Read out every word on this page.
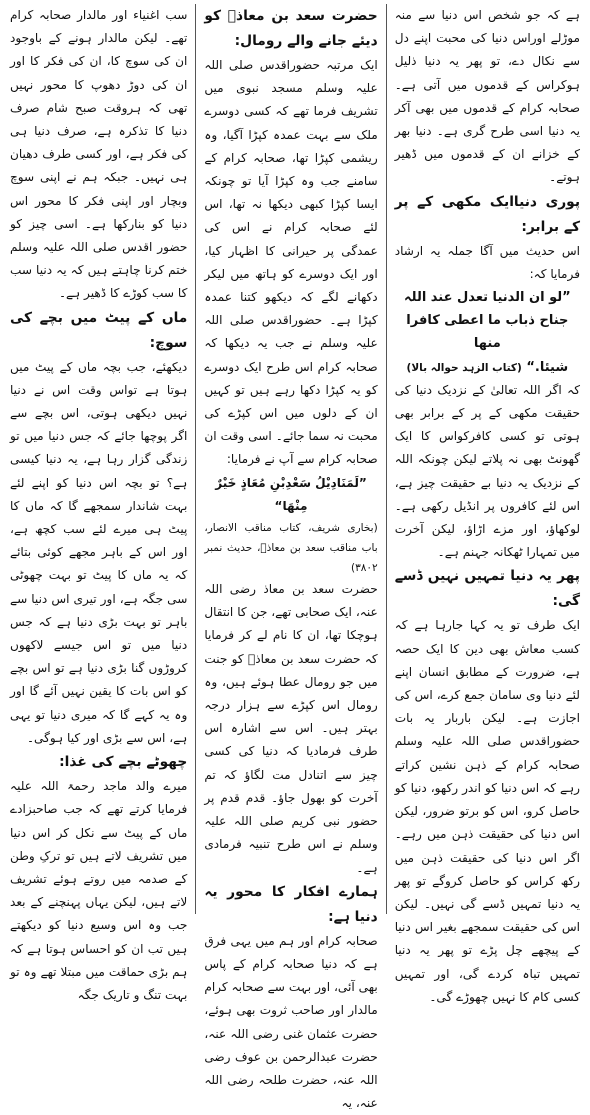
ہے کہ جو شخص اس دنیا سے منہ موڑلے اوراس دنیا کی محبت اپنے دل سے نکال دے، تو پھر یہ دنیا ذلیل ہوکراس کے قدموں میں آتی ہے۔ صحابہ کرام کے قدموں میں بھی آکر یہ دنیا اسی طرح گری ہے۔ دنیا بھر کے خزانے ان کے قدموں میں ڈھیر ہوتے۔

پوری دنیاایک مکھی کے پر کے برابر:

اس حدیث میں آگا جملہ یہ ارشاد فرمایا کہ:

”لو ان الدنیا تعدل عند اللہ

جناح ذباب ما اعطی کافرا منھا

شیئا.“ (کتاب الزہد حوالہ بالا)

کہ اگر اللہ تعالیٰ کے نزدیک دنیا کی حقیقت مکھی کے پر کے برابر بھی ہوتی تو کسی کافرکواس کا ایک گھونٹ بھی نہ پلاتے لیکن چونکہ اللہ کے نزدیک یہ دنیا بے حقیقت چیز ہے، اس لئے کافروں پر انڈیل رکھی ہے۔ لوکھاؤ، اور مزے اڑاؤ، لیکن آخرت میں تمہارا ٹھکانہ جہنم ہے۔

پھر یہ دنیا تمہیں نہیں ڈسے گی:

ایک طرف تو یہ کہا جارہا ہے کہ کسب معاش بھی دین کا ایک حصہ ہے، ضرورت کے مطابق انسان اپنے لئے دنیا وی سامان جمع کرے، اس کی اجازت ہے۔ لیکن باربار یہ بات حضوراقدس صلی اللہ علیہ وسلم صحابہ کرام کے ذہن نشین کراتے رہے کہ اس دنیا کو اندر رکھو، دنیا کو حاصل کرو، اس کو برتو ضرور، لیکن اس دنیا کی حقیقت ذہن میں رہے۔ اگر اس دنیا کی حقیقت ذہن میں رکھ کراس کو حاصل کروگے تو پھر یہ دنیا تمہیں ڈسے گی نہیں۔ لیکن اس کی حقیقت سمجھے بغیر اس دنیا کے پیچھے چل پڑے تو پھر یہ دنیا تمہیں تباہ کردے گی، اور تمہیں کسی کام کا نہیں چھوڑے گی۔

حضرت سعد بن معاذؓ کو دیئے جانے والے رومال:

ایک مرتبہ حضوراقدس صلی اللہ علیہ وسلم مسجد نبوی میں تشریف فرما تھے کہ کسی دوسرے ملک سے بہت عمدہ کپڑا آگیا، وہ ریشمی کپڑا تھا، صحابہ کرام کے سامنے جب وہ کپڑا آیا تو چونکہ ایسا کپڑا کبھی دیکھا نہ تھا، اس لئے صحابہ کرام نے اس کی عمدگی پر حیرانی کا اظہار کیا، اور ایک دوسرے کو ہاتھ میں لیکر دکھانے لگے کہ دیکھو کتنا عمدہ کپڑا ہے۔ حضوراقدس صلی اللہ علیہ وسلم نے جب یہ دیکھا کہ صحابہ کرام اس طرح ایک دوسرے کو یہ کپڑا دکھا رہے ہیں تو کہیں ان کے دلوں میں اس کپڑے کی محبت نہ سما جائے۔ اسی وقت ان صحابہ کرام سے آپ نے فرمایا:

”لَمَنَادِیْلُ سَعْدِبْنِ مُعَاذٍ خَیْرٌ مِنْھَا“

(بخاری شریف، کتاب مناقب الانصار، باب مناقب سعد بن معاذؓ، حدیث نمبر ۳۸۰۲)

حضرت سعد بن معاذ رضی اللہ عنہ، ایک صحابی تھے، جن کا انتقال ہوچکا تھا، ان کا نام لے کر فرمایا کہ حضرت سعد بن معاذؓ کو جنت میں جو رومال عطا ہوئے ہیں، وہ رومال اس کپڑے سے ہزار درجہ بہتر ہیں۔ اس سے اشارہ اس طرف فرمادیا کہ دنیا کی کسی چیز سے اتنادل مت لگاؤ کہ تم آخرت کو بھول جاؤ۔ قدم قدم پر حضور نبی کریم صلی اللہ علیہ وسلم نے اس طرح تنبیہ فرمادی ہے۔

ہمارے افکار کا محور یہ دنیا ہے:

صحابہ کرام اور ہم میں یہی فرق ہے کہ دنیا صحابہ کرام کے پاس بھی آئی، اور بہت سے صحابہ کرام مالدار اور صاحب ثروت بھی ہوئے، حضرت عثمان غنی رضی اللہ عنہ، حضرت عبدالرحمن بن عوف رضی اللہ عنہ، حضرت طلحہ رضی اللہ عنہ، یہ

سب اغنیاء اور مالدار صحابہ کرام تھے۔ لیکن مالدار ہونے کے باوجود ان کی سوچ کا، ان کی فکر کا اور ان کی دوڑ دھوپ کا محور نہیں تھی کہ ہروقت صبح شام صرف دنیا کا تذکرہ ہے، صرف دنیا ہی کی فکر ہے، اور کسی طرف دھیان ہی نہیں۔ جبکہ ہم نے اپنی سوچ وبچار اور اپنی فکر کا محور اس دنیا کو بنارکھا ہے۔ اسی چیز کو حضور اقدس صلی اللہ علیہ وسلم ختم کرنا چاہتے ہیں کہ یہ دنیا سب کا سب کوڑے کا ڈھیر ہے۔

ماں کے پیٹ میں بچے کی سوچ:

دیکھئے، جب بچہ ماں کے پیٹ میں ہوتا ہے تواس وقت اس نے دنیا نہیں دیکھی ہوتی، اس بچے سے اگر پوچھا جائے کہ جس دنیا میں تو زندگی گزار رہا ہے، یہ دنیا کیسی ہے؟ تو بچہ اس دنیا کو اپنے لئے بہت شاندار سمجھے گا کہ ماں کا پیٹ ہی میرے لئے سب کچھ ہے، اور اس کے باہر مجھے کوئی بتائے کہ یہ ماں کا پیٹ تو بہت چھوٹی سی جگہ ہے، اور تیری اس دنیا سے باہر تو بہت بڑی دنیا ہے کہ جس دنیا میں تو اس جیسے لاکھوں کروڑوں گنا بڑی دنیا ہے تو اس بچے کو اس بات کا یقین نہیں آئے گا اور وہ یہ کہے گا کہ میری دنیا تو یہی ہے، اس سے بڑی اور کیا ہوگی۔

چھوٹے بچے کی غذا:

میرے والد ماجد رحمۃ اللہ علیہ فرمایا کرتے تھے کہ جب صاحبزادے ماں کے پیٹ سے نکل کر اس دنیا میں تشریف لاتے ہیں تو ترکِ وطن کے صدمہ میں روتے ہوئے تشریف لاتے ہیں، لیکن یہاں پہنچنے کے بعد جب وہ اس وسیع دنیا کو دیکھتے ہیں تب ان کو احساس ہوتا ہے کہ ہم بڑی حماقت میں مبتلا تھے وہ تو بہت تنگ و تاریک جگہ
